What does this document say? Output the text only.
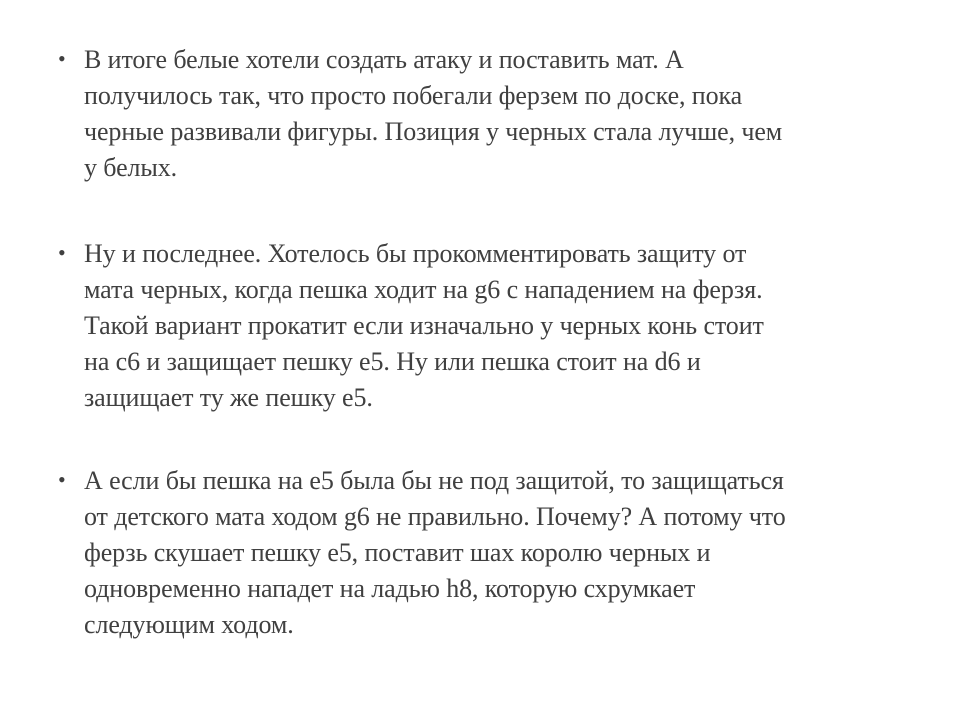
• В итоге белые хотели создать атаку и поставить мат. А
получилось так, что просто побегали ферзем по доске, пока
черные развивали фигуры. Позиция у черных стала лучше, чем
у белых.
• Ну и последнее. Хотелось бы прокомментировать защиту от
мата черных, когда пешка ходит на g6 с нападением на ферзя.
Такой вариант прокатит если изначально у черных конь стоит
на с6 и защищает пешку е5. Ну или пешка стоит на d6 и
защищает ту же пешку е5.
• А если бы пешка на е5 была бы не под защитой, то защищаться
от детского мата ходом g6 не правильно. Почему? А потому что
ферзь скушает пешку е5, поставит шах королю черных и
одновременно нападет на ладью h8, которую схрумкает
следующим ходом.
